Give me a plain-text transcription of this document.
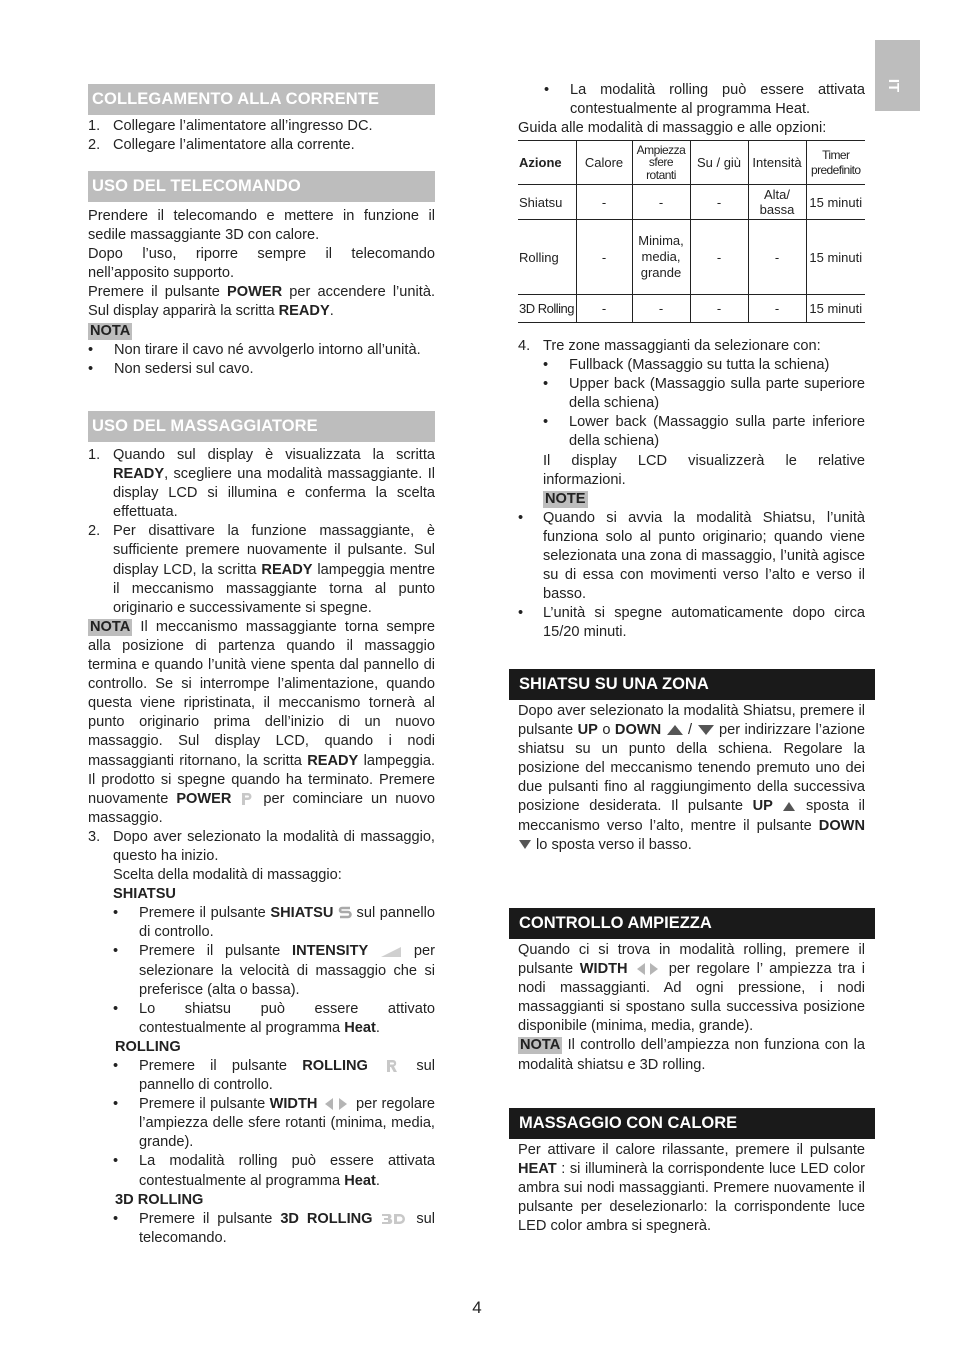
IT
COLLEGAMENTO ALLA CORRENTE
1. Collegare l’alimentatore all’ingresso DC.
2. Collegare l’alimentatore alla corrente.
USO DEL TELECOMANDO

Prendere il telecomando e mettere in funzione il sedile massaggiante 3D con calore.

Dopo l’uso, riporre sempre il telecomando nell’apposito supporto.

Premere il pulsante POWER per accendere l’unità. Sul display apparirà la scritta READY.

NOTA

• Non tirare il cavo né avvolgerlo intorno all’unità.
• Non sedersi sul cavo.
USO DEL MASSAGGIATORE
1. Quando sul display è visualizzata la scritta READY, scegliere una modalità massaggiante. Il display LCD si illumina e conferma la scelta effettuata.
2. Per disattivare la funzione massaggiante, è sufficiente premere nuovamente il pulsante. Sul display LCD, la scritta READY lampeggia mentre il meccanismo massaggiante torna al punto originario e successivamente si spegne.

NOTA Il meccanismo massaggiante torna sempre alla posizione di partenza quando il massaggio termina e quando l’unità viene spenta dal pannello di controllo. Se si interrompe l’alimentazione, quando questa viene ripristinata, il meccanismo tornerà al punto originario prima dell’inizio di un nuovo massaggio. Sul display LCD, quando i nodi massaggianti ritornano, la scritta READY lampeggia. Il prodotto si spegne quando ha terminato. Premere nuovamente POWER  per cominciare un nuovo massaggio.

3. Dopo aver selezionato la modalità di massaggio, questo ha inizio.
Scelta della modalità di massaggio:
SHIATSU
• Premere il pulsante SHIATSU  sul pannello di controllo.
• Premere il pulsante INTENSITY  per selezionare la velocità di massaggio che si preferisce (alta o bassa).
• Lo shiatsu può essere attivato contestualmente al programma Heat.
ROLLING
• Premere il pulsante ROLLING  sul pannello di controllo.
• Premere il pulsante WIDTH  per regolare l’ampiezza delle sfere rotanti (minima, media, grande).
• La modalità rolling può essere attivata contestualmente al programma Heat.
3D ROLLING
• Premere il pulsante 3D ROLLING  sul telecomando.
• La modalità rolling può essere attivata contestualmente al programma Heat.

Guida alle modalità di massaggio e alle opzioni:

Azione	Calore	Ampiezza sfere rotanti	Su / giù	Intensità	Timer predefinito
Shiatsu	-	-	-	Alta/ bassa	15 minuti
Rolling	-	Minima, media, grande	-	-	15 minuti
3D Rolling	-	-	-	-	15 minuti
4. Tre zone massaggianti da selezionare con:
• Fullback (Massaggio su tutta la schiena)
• Upper back (Massaggio sulla parte superiore della schiena)
• Lower back (Massaggio sulla parte inferiore della schiena)

Il display LCD visualizzerà le relative informazioni.

NOTE

• Quando si avvia la modalità Shiatsu, l’unità funziona solo al punto originario; quando viene selezionata una zona di massaggio, l’unità agisce su di essa con movimenti verso l’alto e verso il basso.
• L’unità si spegne automaticamente dopo circa 15/20 minuti.
SHIATSU SU UNA ZONA

Dopo aver selezionato la modalità Shiatsu, premere il pulsante UP o DOWN  /  per indirizzare l’azione shiatsu su un punto della schiena. Regolare la posizione del meccanismo tenendo premuto uno dei due pulsanti fino al raggiungimento della successiva posizione desiderata. Il pulsante UP  sposta il meccanismo verso l’alto, mentre il pulsante DOWN  lo sposta verso il basso.

CONTROLLO AMPIEZZA

Quando ci si trova in modalità rolling, premere il pulsante WIDTH  per regolare l’ ampiezza tra i nodi massaggianti. Ad ogni pressione, i nodi massaggianti si spostano sulla successiva posizione disponibile (minima, media, grande).

NOTA Il controllo dell’ampiezza non funziona con la modalità shiatsu e 3D rolling.

MASSAGGIO CON CALORE

Per attivare il calore rilassante, premere il pulsante HEAT : si illuminerà la corrispondente luce LED color ambra sui nodi massaggianti. Premere nuovamente il pulsante per deselezionarlo: la corrispondente luce LED color ambra si spegnerà.

4
